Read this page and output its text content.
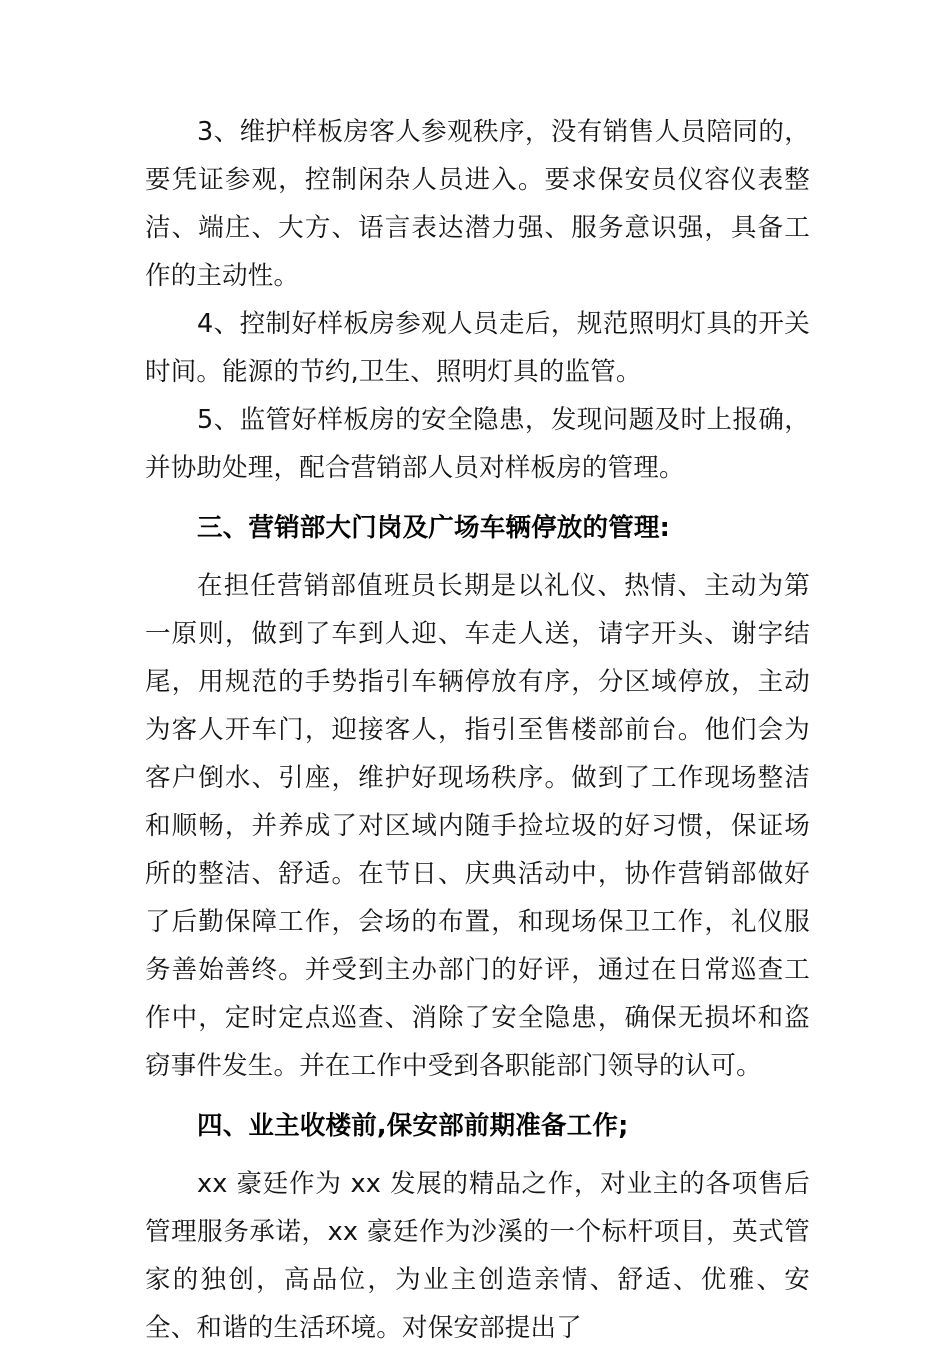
3、维护样板房客人参观秩序，没有销售人员陪同的，要凭证参观，控制闲杂人员进入。要求保安员仪容仪表整洁、端庄、大方、语言表达潜力强、服务意识强，具备工作的主动性。

4、控制好样板房参观人员走后，规范照明灯具的开关时间。能源的节约,卫生、照明灯具的监管。

5、监管好样板房的安全隐患，发现问题及时上报确，并协助处理，配合营销部人员对样板房的管理。

三、营销部大门岗及广场车辆停放的管理:

在担任营销部值班员长期是以礼仪、热情、主动为第一原则，做到了车到人迎、车走人送，请字开头、谢字结尾，用规范的手势指引车辆停放有序，分区域停放，主动为客人开车门，迎接客人，指引至售楼部前台。他们会为客户倒水、引座，维护好现场秩序。做到了工作现场整洁和顺畅，并养成了对区域内随手捡垃圾的好习惯，保证场所的整洁、舒适。在节日、庆典活动中，协作营销部做好了后勤保障工作，会场的布置，和现场保卫工作，礼仪服务善始善终。并受到主办部门的好评，通过在日常巡查工作中，定时定点巡查、消除了安全隐患，确保无损坏和盗窃事件发生。并在工作中受到各职能部门领导的认可。

四、业主收楼前,保安部前期准备工作;

xx 豪廷作为 xx 发展的精品之作，对业主的各项售后管理服务承诺，xx 豪廷作为沙溪的一个标杆项目，英式管家的独创，高品位，为业主创造亲情、舒适、优雅、安全、和谐的生活环境。对保安部提出了
